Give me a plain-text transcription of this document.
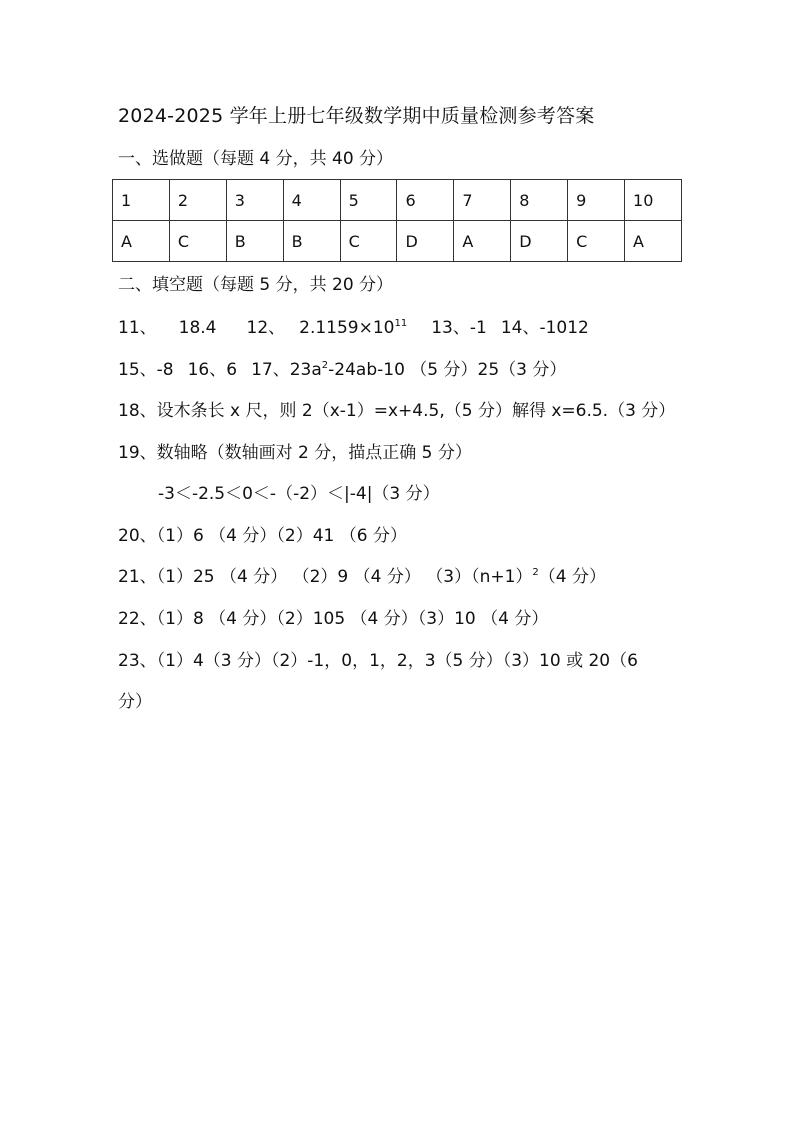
2024-2025 学年上册七年级数学期中质量检测参考答案
一、选做题（每题 4 分，共 40 分）
1	2	3	4	5	6	7	8	9	10
A	C	B	B	C	D	A	D	C	A
二、填空题（每题 5 分，共 20 分）
11、 18.4 12、 $2.1159\times 10^{11}$ 13、-1 14、-1012
15、-8 16、6 17、$23a^2-24ab-10$ （5 分）25（3 分）
18、设木条长 x 尺，则 2（x-1）=x+4.5,（5 分）解得 x=6.5.（3 分）
19、数轴略（数轴画对 2 分，描点正确 5 分）
-3＜-2.5＜0＜-（-2）＜|-4|（3 分）
20、（1）6 （4 分）（2）41 （6 分）
21、（1）25 （4 分） （2）9 （4 分） $(3)(n+1)^2(4$ 分）
22、（1）8 （4 分）（2）105 （4 分）（3）10 （4 分）
23、（1）4（3 分）（2）-1，0，1，2，3（5 分）（3）10 或 20（6
分）
